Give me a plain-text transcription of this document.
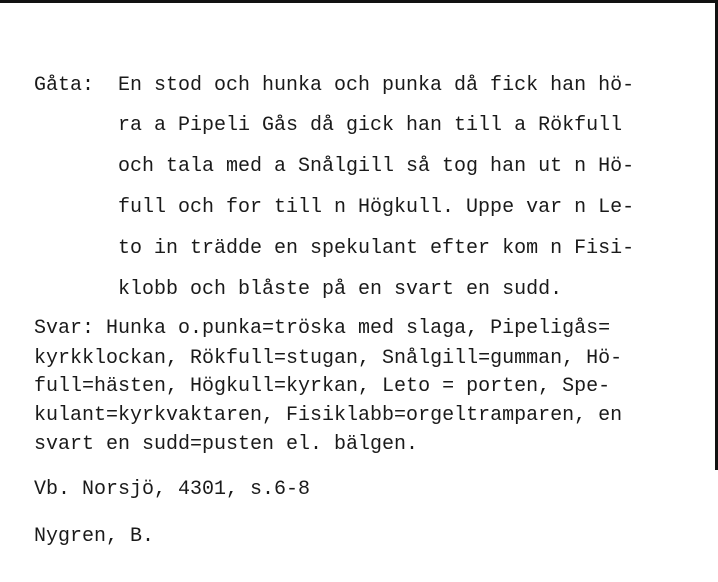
Gåta: En stod och hunka och punka då fick han hö-
ra a Pipeli Gås då gick han till a Rökfull
och tala med a Snålgill så tog han ut n Hö-
full och for till n Högkull. Uppe var n Le-
to in trädde en spekulant efter kom n Fisi-
klobb och blåste på en svart en sudd.
Svar: Hunka o.punka=tröska med slaga, Pipeligås=
kyrkklockan, Rökfull=stugan, Snålgill=gumman, Hö-
full=hästen, Högkull=kyrkan, Leto = porten, Spe-
kulant=kyrkvaktaren, Fisiklabb=orgeltramparen, en
svart en sudd=pusten el. bälgen.
Vb. Norsjö, 4301, s.6-8
Nygren, B.
